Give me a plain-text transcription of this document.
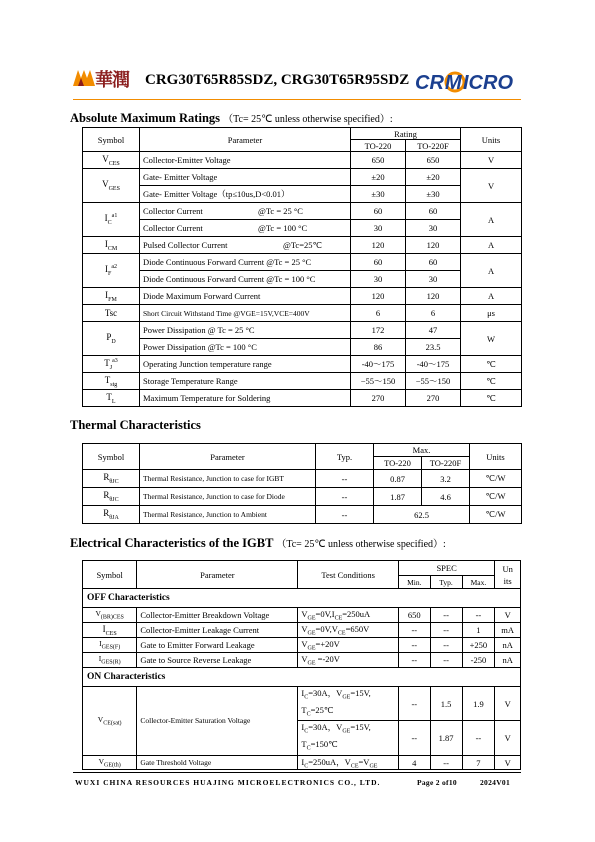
華潤 CRG30T65R85SDZ, CRG30T65R95SDZ CR M ICRO
Absolute Maximum Ratings （Tc= 25℃ unless otherwise specified）:
Symbol	Parameter	Rating		Units
		TO-220	TO-220F	
$V_{CES}$	Collector-Emitter Voltage	650	650	V
$V_{GES}$	Gate- Emitter Voltage	±20	±20	V
	Gate- Emitter Voltage（tp≤10us,D<0.01）	±30	±30	
$I_C^{a1}$	Collector Current @Tc = 25 °C	60	60	A
	Collector Current @Tc = 100 °C	30	30	
$I_{CM}$	Pulsed Collector Current @Tc=25℃	120	120	A
$I_F^{a2}$	Diode Continuous Forward Current @Tc = 25 °C	60	60	A
	Diode Continuous Forward Current @Tc = 100 °C	30	30	
$I_{FM}$	Diode Maximum Forward Current	120	120	A
Tsc	Short Circuit Withstand Time @VGE=15V,VCE=400V	6	6	μs
$P_D$	Power Dissipation @ Tc = 25 °C	172	47	W
	Power Dissipation @Tc = 100 °C	86	23.5	
$T_J^{a3}$	Operating Junction temperature range	-40～175	-40～175	℃
$T_{stg}$	Storage Temperature Range	−55～150	−55～150	℃
$T_L$	Maximum Temperature for Soldering	270	270	℃
Thermal Characteristics
Symbol	Parameter	Typ.	Max.		Units
			TO-220	TO-220F	
$R_{\theta JC}$	Thermal Resistance, Junction to case for IGBT	--	0.87	3.2	℃/W
$R_{\theta JC}$	Thermal Resistance, Junction to case for Diode	--	1.87	4.6	℃/W
$R_{\theta JA}$	Thermal Resistance, Junction to Ambient	--	62.5		℃/W
Electrical Characteristics of the IGBT （Tc= 25℃ unless otherwise specified）:
Symbol	Parameter	Test Conditions	SPEC			Un
its
			Min.	Typ.	Max.	
OFF Characteristics						
$V_{(BR)CES}$	Collector-Emitter Breakdown Voltage	$V_{GE}=0V,I_{CE}=250uA$	650	--	--	V
$I_{CES}$	Collector-Emitter Leakage Current	$V_{GE}=0V,V_{CE}=650V$	--	--	1	mA
$I_{GES(F)}$	Gate to Emitter Forward Leakage	$V_{GE}=+20V$	--	--	+250	nA
$I_{GES(R)}$	Gate to Source Reverse Leakage	$V_{GE} =-20V$	--	--	-250	nA
ON Characteristics						
$V_{CE(sat)}$	Collector-Emitter Saturation Voltage	$I_C=30A$，$V_{GE}=15V$,
$T_C=25℃$	--	1.5	1.9	V
		$I_C=30A$，$V_{GE}=15V$,
$T_C=150℃$	--	1.87	--	V
$V_{GE(th)}$	Gate Threshold Voltage	$I_C=250uA$，$V_{CE}=V_{GE}$	4	--	7	V
WUXI CHINA RESOURCES HUAJING MICROELECTRONICS CO., LTD.	Page 2 of10	2024V01
